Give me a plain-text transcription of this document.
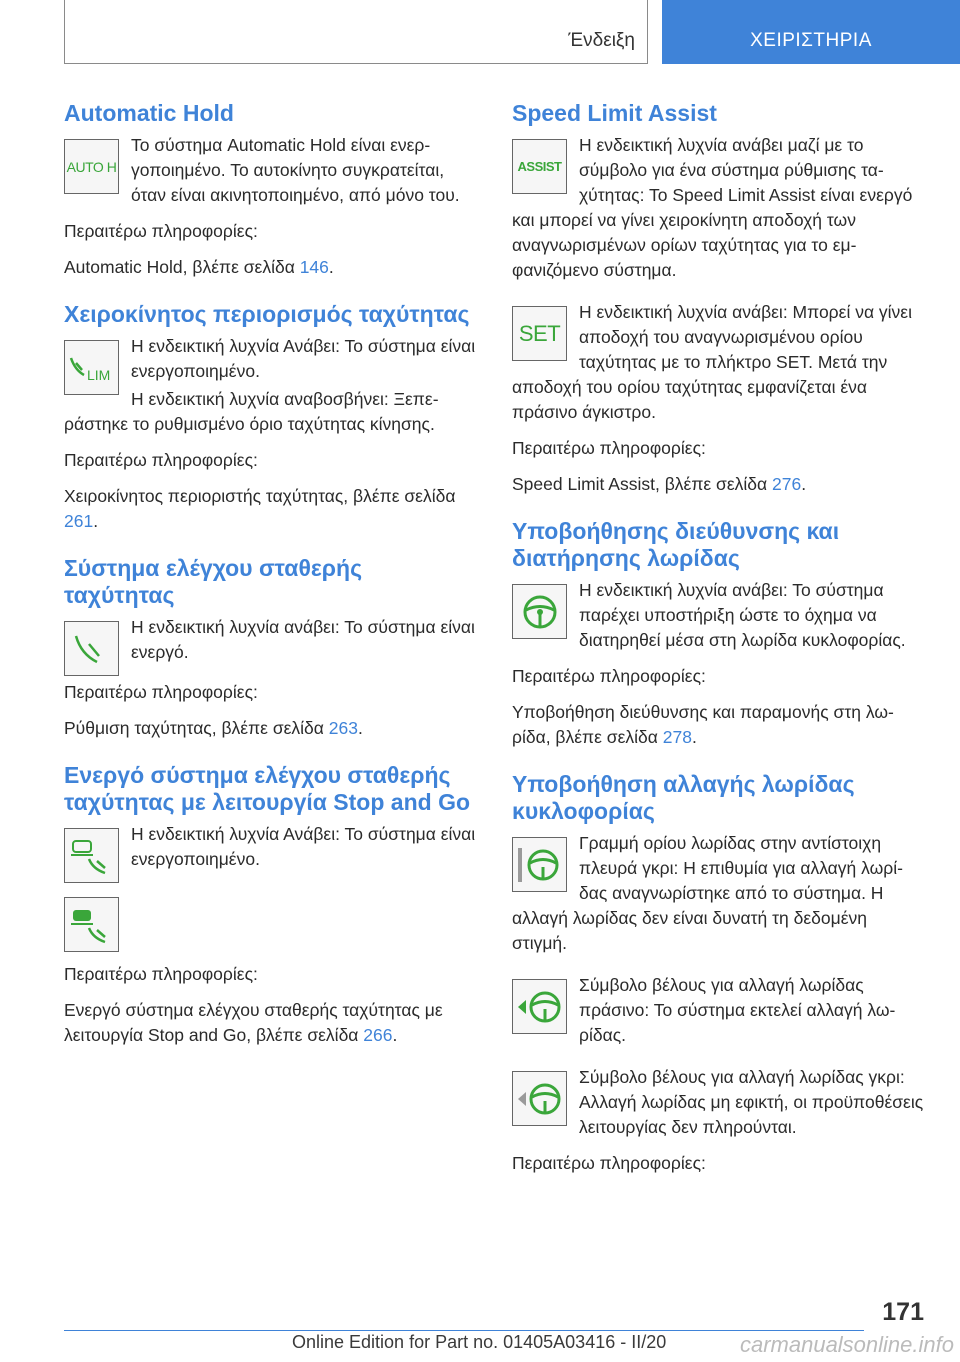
Ένδειξη	ΧΕΙΡΙΣΤΗΡΙΑ
Automatic Hold
AUTO H

Το σύστημα Automatic Hold είναι ενεργοποιημένο. Το αυτοκίνητο συγκρατείται, όταν είναι ακινητοποιημένο, από μόνο του.

Περαιτέρω πληροφορίες:

Automatic Hold, βλέπε σελίδα 146.

Χειροκίνητος περιορισμός ταχύτητας
LIM

Η ενδεικτική λυχνία Ανάβει: Το σύστημα είναι ενεργοποιημένο.

Η ενδεικτική λυχνία αναβοσβήνει: Ξεπεράστηκε το ρυθμισμένο όριο ταχύτητας κίνησης.

Περαιτέρω πληροφορίες:

Χειροκίνητος περιοριστής ταχύτητας, βλέπε σελίδα 261.

Σύστημα ελέγχου σταθερής ταχύτητας

Η ενδεικτική λυχνία ανάβει: Το σύστημα είναι ενεργό.

Περαιτέρω πληροφορίες:

Ρύθμιση ταχύτητας, βλέπε σελίδα 263.

Ενεργό σύστημα ελέγχου σταθερής ταχύτητας με λειτουργία Stop and Go

Η ενδεικτική λυχνία Ανάβει: Το σύστημα είναι ενεργοποιημένο.

Περαιτέρω πληροφορίες:

Ενεργό σύστημα ελέγχου σταθερής ταχύτητας με λειτουργία Stop and Go, βλέπε σελίδα 266.

Speed Limit Assist
ASSIST

Η ενδεικτική λυχνία ανάβει μαζί με το σύμβολο για ένα σύστημα ρύθμισης ταχύτητας: Το Speed Limit Assist είναι ενεργό και μπορεί να γίνει χειροκίνητη αποδοχή των αναγνωρισμένων ορίων ταχύτητας για το εμφανιζόμενο σύστημα.

SET

Η ενδεικτική λυχνία ανάβει: Μπορεί να γίνει αποδοχή του αναγνωρισμένου ορίου ταχύτητας με το πλήκτρο SET. Μετά την αποδοχή του ορίου ταχύτητας εμφανίζεται ένα πράσινο άγκιστρο.

Περαιτέρω πληροφορίες:

Speed Limit Assist, βλέπε σελίδα 276.

Υποβοήθησης διεύθυνσης και διατήρησης λωρίδας

Η ενδεικτική λυχνία ανάβει: Το σύστημα παρέχει υποστήριξη ώστε το όχημα να διατηρηθεί μέσα στη λωρίδα κυκλοφορίας.

Περαιτέρω πληροφορίες:

Υποβοήθηση διεύθυνσης και παραμονής στη λωρίδα, βλέπε σελίδα 278.

Υποβοήθηση αλλαγής λωρίδας κυκλοφορίας

Γραμμή ορίου λωρίδας στην αντίστοιχη πλευρά γκρι: Η επιθυμία για αλλαγή λωρίδας αναγνωρίστηκε από το σύστημα. Η αλλαγή λωρίδας δεν είναι δυνατή τη δεδομένη στιγμή.

Σύμβολο βέλους για αλλαγή λωρίδας πράσινο: Το σύστημα εκτελεί αλλαγή λωρίδας.

Σύμβολο βέλους για αλλαγή λωρίδας γκρι: Αλλαγή λωρίδας μη εφικτή, οι προϋποθέσεις λειτουργίας δεν πληρούνται.

Περαιτέρω πληροφορίες:

171
Online Edition for Part no. 01405A03416 - II/20	carmanualsonline.info
